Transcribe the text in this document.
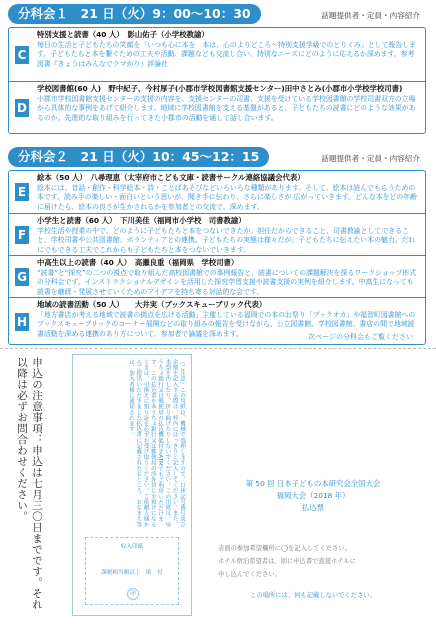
分科会１　21 日（火）9：00～10：30	話題提供者・定員・内容紹介
C
特別支援と読書（40 人）　影山佑子（小学校教諭）
毎日の生活と子どもたちの笑顔を「いつも心に本を　本は、心のよりどころ～特別支援学級でのとりくみ」として報告します。子どもたちと本を繋ぐための工夫や活動、課題なども交流し合い、特別なニーズにどのように応えるか深めます。参考図書『きょうはみんなでクマがり』評論社
D
学校図書館(60 人)　野中紀子、今村厚子(小郡市学校図書館支援センター)田中さとみ(小郡市小学校学校司書)
小郡市学校図書館支援センターの支援の内容を、支援センターの司書、支援を受けている学校図書館の学校司書双方の立場から具体的な事例をあげて紹介します。地域に学校図書館を支える基盤があると、子どもたちの読書にどのような効果があるのか。先進的な取り組みを行ってきた小郡市の活動を通して話し合います。
分科会２　21 日（火）10：45～12：15	話題提供者・定員・内容紹介
E
絵本（50 人）　八尋理恵（太宰府市こども文庫・読書サークル連絡協議会代表）
絵本には、昔話・創作・科学絵本・詩・ことばあそびなどいろいろな種類があります。そして、絵本は読んでもらうための本です。読み手の楽しい・面白いという思いが、聞き手に伝わり、さらに楽しさが 広がっていきます。どんな本をどの年齢に届けたら、絵本の良さが生かされるかを参加者との交流で、深めます。
F
小学生と読書（60 人）　下川美佳（福岡市小学校　司書教諭）
学校生活や授業の中で、どのように子どもたちと本をつないできたか。担任だからできること、司書教諭としてできること、学校司書や公共図書館、ボランティアとの連携。子どもたちの実態は様々だが、子どもたちに伝えたい本の魅力。だれにでもできる工夫でこれからも子どもたちと本をつないでいきます。
G
中高生以上の読書（40 人）　高瀬良重（福岡県　学校司書）
“読書”と“探究”の二つの視点で取り組んだ高校図書館での事例報告と、読書についての課題解決を探るワークショップ形式の分科会です。インストラクショナルデザインを活用した探究学習支援や読書支援の実例を紹介します。中高生になっても読書を継続・発展させていくためのアイデアを持ち寄る対話的な会です。
H
地域の読書活動（50 人）　　大井実（ブックスキューブリック代表）
「地方書店が考える地域で読書の拠点を広げる活動」主催している福岡での本のお祭り「ブックオカ」や福智町図書館へのブックスキューブリックのコーナー展開などの取り組みの報告を受けながら、公立図書館、学校図書館、書店の間で地域読書活動を深める連携のあり方について、参加者で論議を深めます。	次ページの分科会もご覧ください
申込の注意事項：申込は七月三〇日までです。それ以降は必ずお問合わせください。	（ご注意）この用紙は、機械で処理しますので、口座記号番号及び金額を記入する際は、枠内にはっきりと記入してください。また、本票を汚したり、折り曲げたりしないでください。この用紙は、ゆうちょ銀行又は郵便局の払込機能付きATMでもご利用いただけます。この払込書をゆうちょ銀行又は郵便局の渉外員にお預けになるときは、引換えに預り証を必ずお受け取りください。ご依頼人様からご提出いただきました払込書に記載されたおところ、おなまえ等は、加入者様に通知されます。
収入印紙
課税相当額以上　貼　付
印
第 50 回 日本子どもの本研究会全国大会
福岡大会（2018 年）
払込票
表面の参加希望欄所に◯を記入してください。
ホテル宿泊希望者は、別に申込書で直接ホテルに
申し込んでください。
この場所には、何も記載しないでください。
